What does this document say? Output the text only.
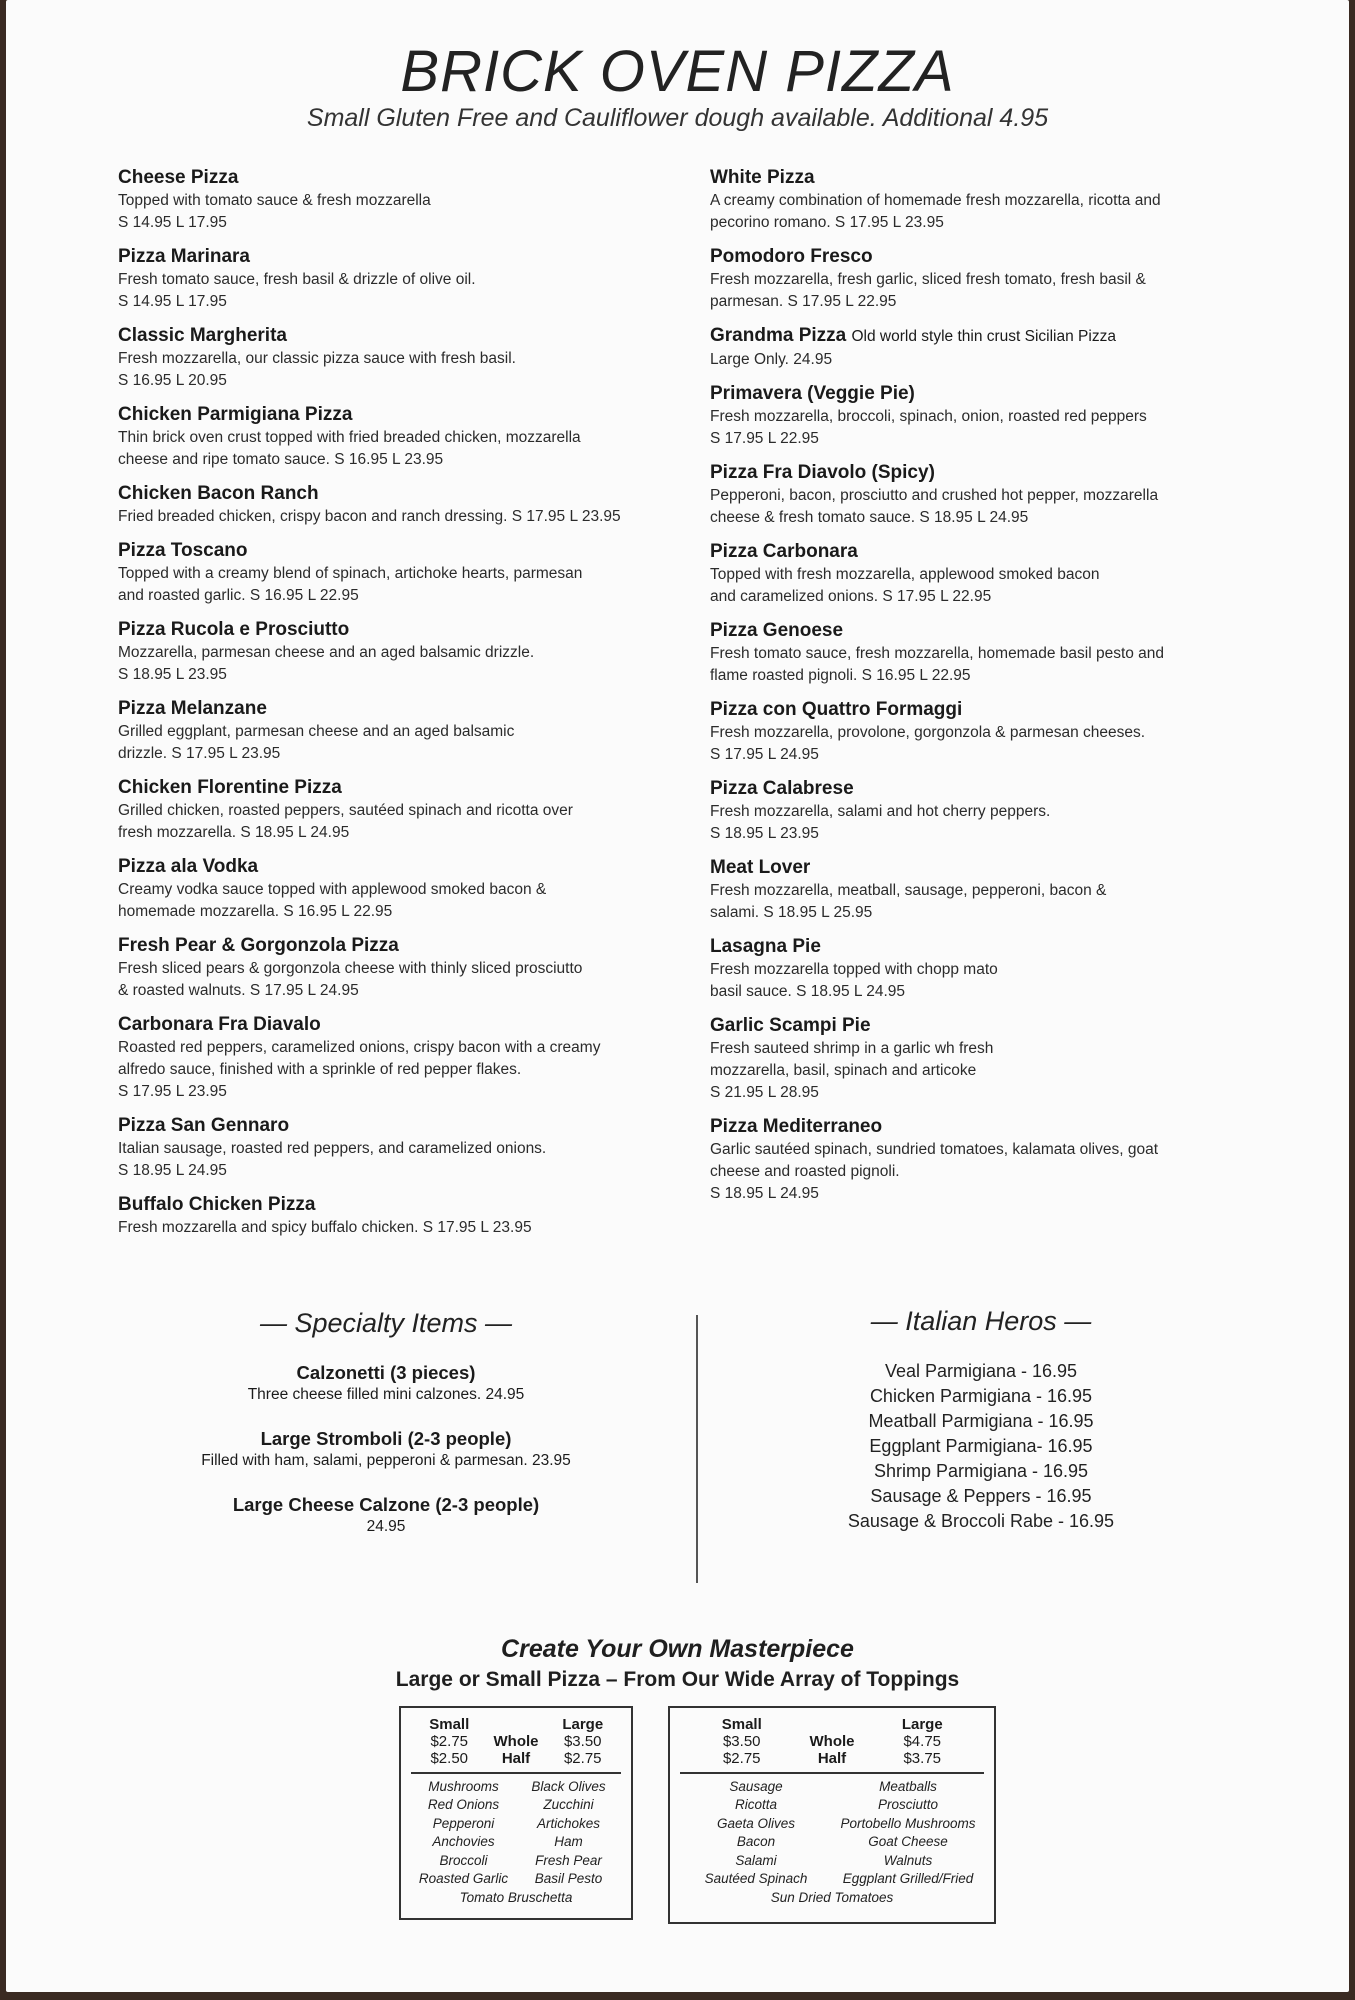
BRICK OVEN PIZZA
Small Gluten Free and Cauliflower dough available. Additional 4.95
Cheese Pizza
Topped with tomato sauce & fresh mozzarella
S 14.95 L 17.95
Pizza Marinara
Fresh tomato sauce, fresh basil & drizzle of olive oil.
S 14.95 L 17.95
Classic Margherita
Fresh mozzarella, our classic pizza sauce with fresh basil.
S 16.95 L 20.95
Chicken Parmigiana Pizza
Thin brick oven crust topped with fried breaded chicken, mozzarella
cheese and ripe tomato sauce. S 16.95 L 23.95
Chicken Bacon Ranch
Fried breaded chicken, crispy bacon and ranch dressing. S 17.95 L 23.95
Pizza Toscano
Topped with a creamy blend of spinach, artichoke hearts, parmesan
and roasted garlic. S 16.95 L 22.95
Pizza Rucola e Prosciutto
Mozzarella, parmesan cheese and an aged balsamic drizzle.
S 18.95 L 23.95
Pizza Melanzane
Grilled eggplant, parmesan cheese and an aged balsamic
drizzle. S 17.95 L 23.95
Chicken Florentine Pizza
Grilled chicken, roasted peppers, sautéed spinach and ricotta over
fresh mozzarella. S 18.95 L 24.95
Pizza ala Vodka
Creamy vodka sauce topped with applewood smoked bacon &
homemade mozzarella. S 16.95 L 22.95
Fresh Pear & Gorgonzola Pizza
Fresh sliced pears & gorgonzola cheese with thinly sliced prosciutto
& roasted walnuts. S 17.95 L 24.95
Carbonara Fra Diavalo
Roasted red peppers, caramelized onions, crispy bacon with a creamy
alfredo sauce, finished with a sprinkle of red pepper flakes.
S 17.95 L 23.95
Pizza San Gennaro
Italian sausage, roasted red peppers, and caramelized onions.
S 18.95 L 24.95
Buffalo Chicken Pizza
Fresh mozzarella and spicy buffalo chicken. S 17.95 L 23.95
White Pizza
A creamy combination of homemade fresh mozzarella, ricotta and
pecorino romano. S 17.95 L 23.95
Pomodoro Fresco
Fresh mozzarella, fresh garlic, sliced fresh tomato, fresh basil &
parmesan. S 17.95 L 22.95
Grandma Pizza Old world style thin crust Sicilian Pizza
Large Only. 24.95
Primavera (Veggie Pie)
Fresh mozzarella, broccoli, spinach, onion, roasted red peppers
S 17.95 L 22.95
Pizza Fra Diavolo (Spicy)
Pepperoni, bacon, prosciutto and crushed hot pepper, mozzarella
cheese & fresh tomato sauce. S 18.95 L 24.95
Pizza Carbonara
Topped with fresh mozzarella, applewood smoked bacon
and caramelized onions. S 17.95 L 22.95
Pizza Genoese
Fresh tomato sauce, fresh mozzarella, homemade basil pesto and
flame roasted pignoli. S 16.95 L 22.95
Pizza con Quattro Formaggi
Fresh mozzarella, provolone, gorgonzola & parmesan cheeses.
S 17.95 L 24.95
Pizza Calabrese
Fresh mozzarella, salami and hot cherry peppers.
S 18.95 L 23.95
Meat Lover
Fresh mozzarella, meatball, sausage, pepperoni, bacon &
salami. S 18.95 L 25.95
Lasagna Pie
Fresh mozzarella topped with chopp mato
basil sauce. S 18.95 L 24.95
Garlic Scampi Pie
Fresh sauteed shrimp in a garlic wh fresh
mozzarella, basil, spinach and articoke
S 21.95 L 28.95
Pizza Mediterraneo
Garlic sautéed spinach, sundried tomatoes, kalamata olives, goat
cheese and roasted pignoli.
S 18.95 L 24.95
— Specialty Items —
Calzonetti (3 pieces)
Three cheese filled mini calzones. 24.95
Large Stromboli (2-3 people)
Filled with ham, salami, pepperoni & parmesan. 23.95
Large Cheese Calzone (2-3 people)
24.95
— Italian Heros —
Veal Parmigiana - 16.95
Chicken Parmigiana - 16.95
Meatball Parmigiana - 16.95
Eggplant Parmigiana- 16.95
Shrimp Parmigiana - 16.95
Sausage & Peppers - 16.95
Sausage & Broccoli Rabe - 16.95
Create Your Own Masterpiece
Large or Small Pizza – From Our Wide Array of Toppings
Small	Large
$2.75	Whole	$3.50
$2.50	Half	$2.75
Mushrooms	Black Olives
Red Onions	Zucchini
Pepperoni	Artichokes
Anchovies	Ham
Broccoli	Fresh Pear
Roasted Garlic	Basil Pesto
Tomato Bruschetta
Small	Large
$3.50	Whole	$4.75
$2.75	Half	$3.75
Sausage	Meatballs
Ricotta	Prosciutto
Gaeta Olives	Portobello Mushrooms
Bacon	Goat Cheese
Salami	Walnuts
Sautéed Spinach	Eggplant Grilled/Fried
Sun Dried Tomatoes
